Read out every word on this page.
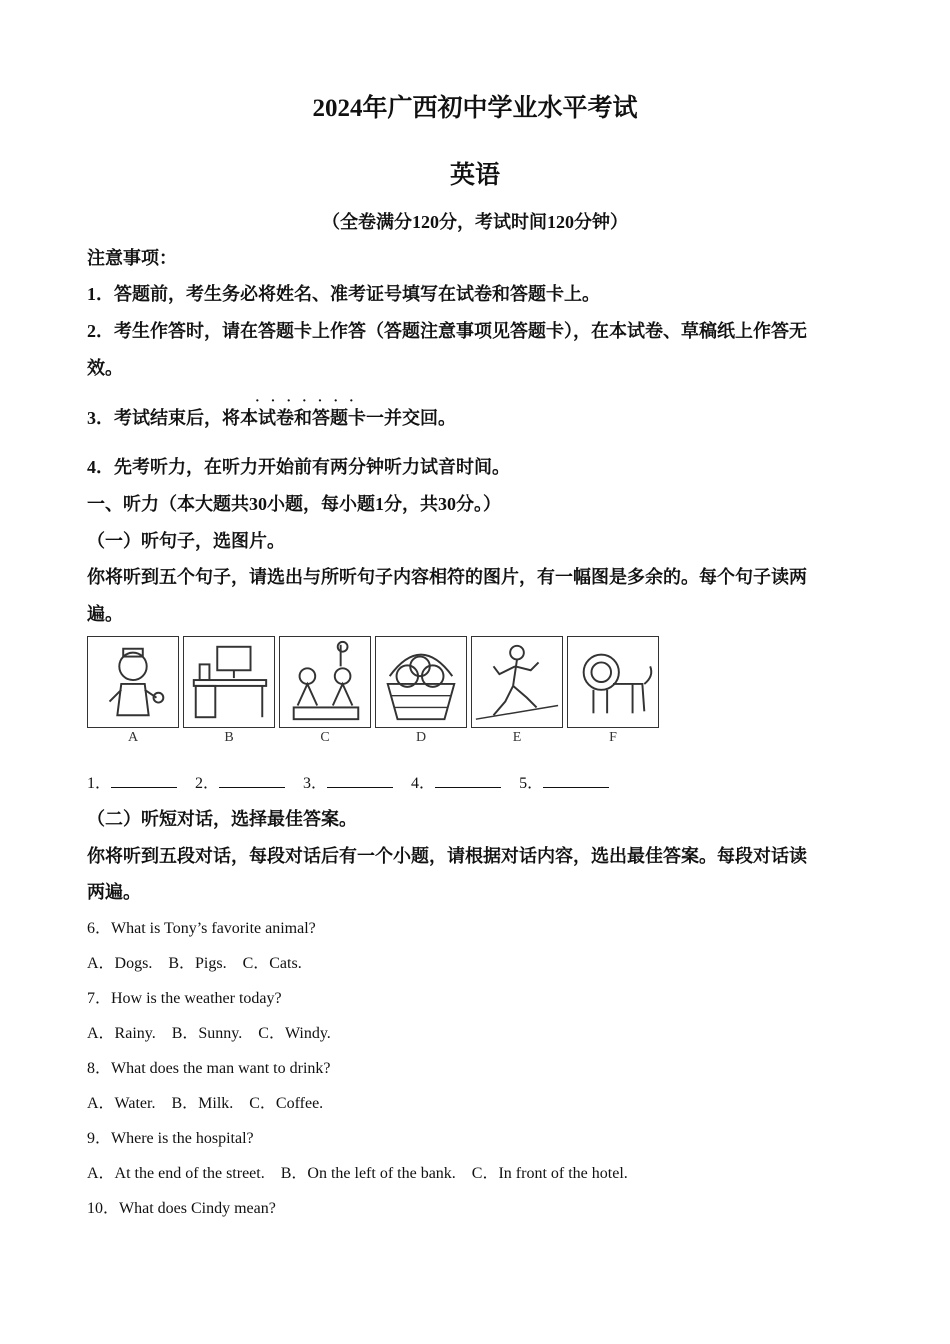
2024年广西初中学业水平考试
英语
（全卷满分120分，考试时间120分钟）
注意事项：
1．答题前，考生务必将姓名、准考证号填写在试卷和答题卡上。
2．考生作答时，请在答题卡上作答（答题注意事项见答题卡），在本试卷、草稿纸上作答无
效。
·······
3．考试结束后，将本试卷和答题卡一并交回。
4．先考听力，在听力开始前有两分钟听力试音时间。
一、听力（本大题共30小题，每小题1分，共30分。）
（一）听句子，选图片。
你将听到五个句子，请选出与所听句子内容相符的图片，有一幅图是多余的。每个句子读两
遍。
A	B	C	D	E	F
1．	2．	3．	4．	5．
（二）听短对话，选择最佳答案。
你将听到五段对话，每段对话后有一个小题，请根据对话内容，选出最佳答案。每段对话读
两遍。
6．What is Tony’s favorite animal?
A．Dogs.    B．Pigs.    C．Cats.
7．How is the weather today?
A．Rainy.    B．Sunny.    C．Windy.
8．What does the man want to drink?
A．Water.    B．Milk.    C．Coffee.
9．Where is the hospital?
A．At the end of the street.    B．On the left of the bank.    C．In front of the hotel.
10．What does Cindy mean?
